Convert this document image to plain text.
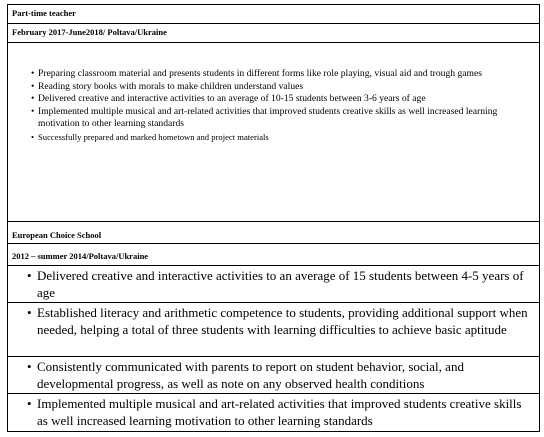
Part-time teacher
February 2017-June2018/ Poltava/Ukraine
• Preparing classroom material and presents students in different forms like role playing, visual aid and trough games
• Reading story books with morals to make children understand values
• Delivered creative and interactive activities to an average of 10-15 students between 3-6 years of age
• Implemented multiple musical and art-related activities that improved students creative skills as well increased learning motivation to other learning standards
• Successfully prepared and marked hometown and project materials
European Choice School
2012 – summer 2014/Poltava/Ukraine
• Delivered creative and interactive activities to an average of 15 students between 4-5 years of age
• Established literacy and arithmetic competence to students, providing additional support when needed, helping a total of three students with learning difficulties to achieve basic aptitude
• Consistently communicated with parents to report on student behavior, social, and developmental progress, as well as note on any observed health conditions
• Implemented multiple musical and art-related activities that improved students creative skills as well increased learning motivation to other learning standards
